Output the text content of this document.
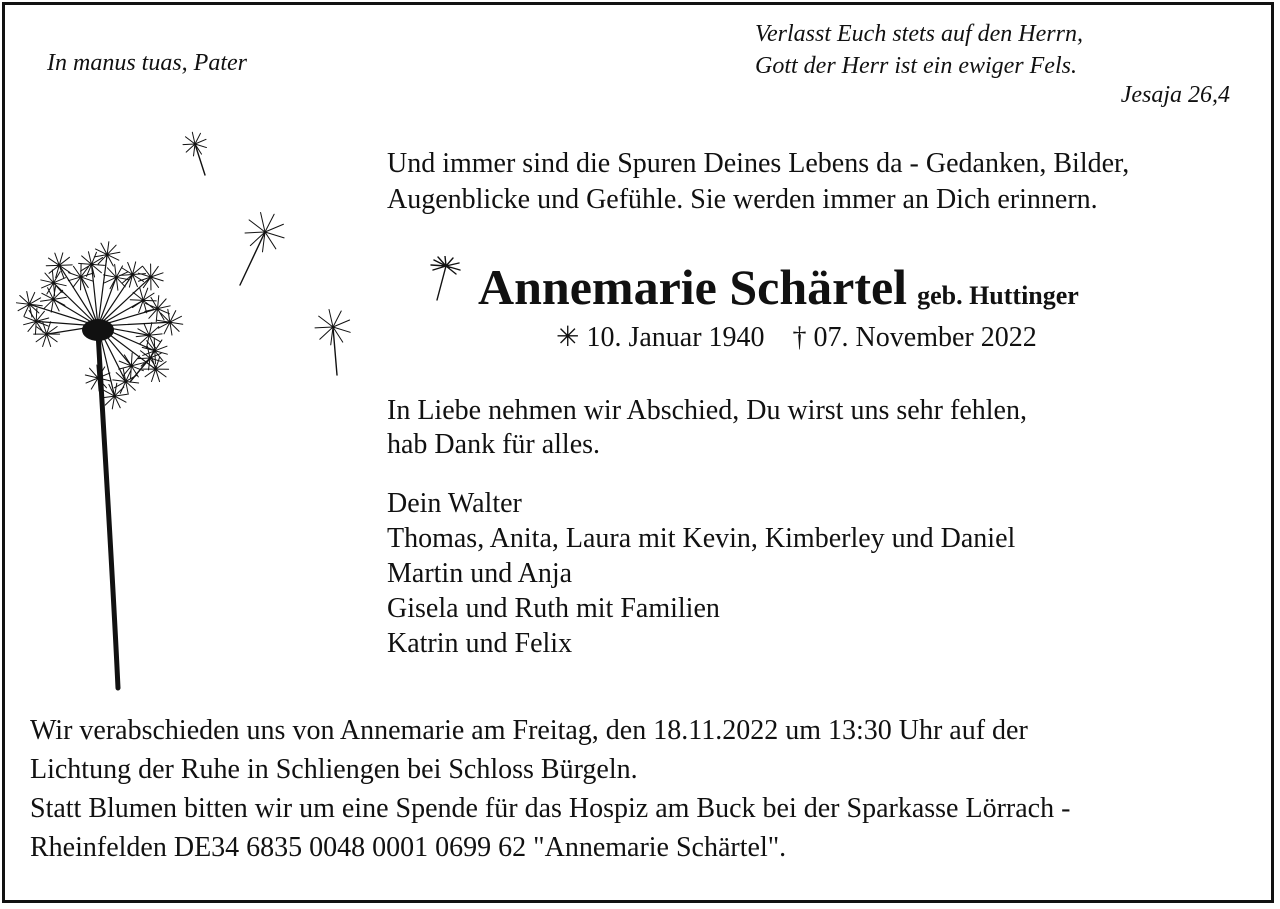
In manus tuas, Pater
Verlasst Euch stets auf den Herrn,
Gott der Herr ist ein ewiger Fels.
Jesaja 26,4
Und immer sind die Spuren Deines Lebens da - Gedanken, Bilder,
Augenblicke und Gefühle. Sie werden immer an Dich erinnern.
Annemarie Schärtel geb. Huttinger
✳ 10. Januar 1940 † 07. November 2022
In Liebe nehmen wir Abschied, Du wirst uns sehr fehlen,
hab Dank für alles.
Dein Walter
Thomas, Anita, Laura mit Kevin, Kimberley und Daniel
Martin und Anja
Gisela und Ruth mit Familien
Katrin und Felix
Wir verabschieden uns von Annemarie am Freitag, den 18.11.2022 um 13:30 Uhr auf der
Lichtung der Ruhe in Schliengen bei Schloss Bürgeln.
Statt Blumen bitten wir um eine Spende für das Hospiz am Buck bei der Sparkasse Lörrach -
Rheinfelden DE34 6835 0048 0001 0699 62 "Annemarie Schärtel".
